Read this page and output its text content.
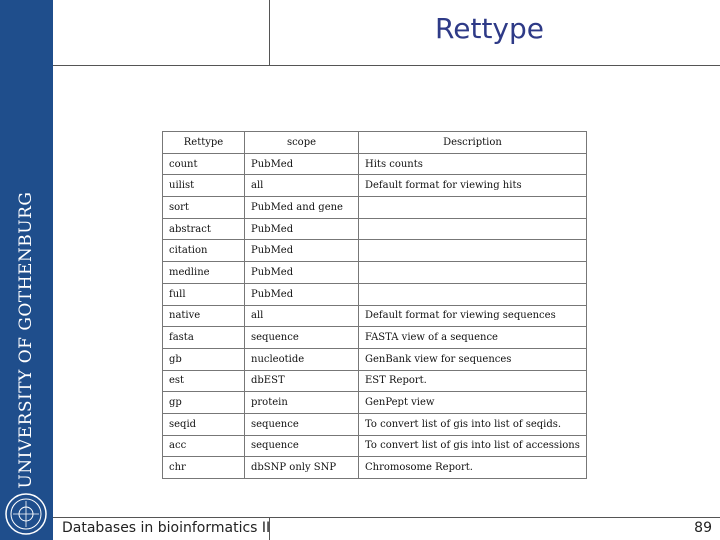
UNIVERSITY OF GOTHENBURG
Rettype
Rettype	scope	Description
count	PubMed	Hits counts
uilist	all	Default format for viewing hits
sort	PubMed and gene	
abstract	PubMed	
citation	PubMed	
medline	PubMed	
full	PubMed	
native	all	Default format for viewing sequences
fasta	sequence	FASTA view of a sequence
gb	nucleotide	GenBank view for sequences
est	dbEST	EST Report.
gp	protein	GenPept view
seqid	sequence	To convert list of gis into list of seqids.
acc	sequence	To convert list of gis into list of accessions
chr	dbSNP only SNP	Chromosome Report.
Databases in bioinformatics II	89
